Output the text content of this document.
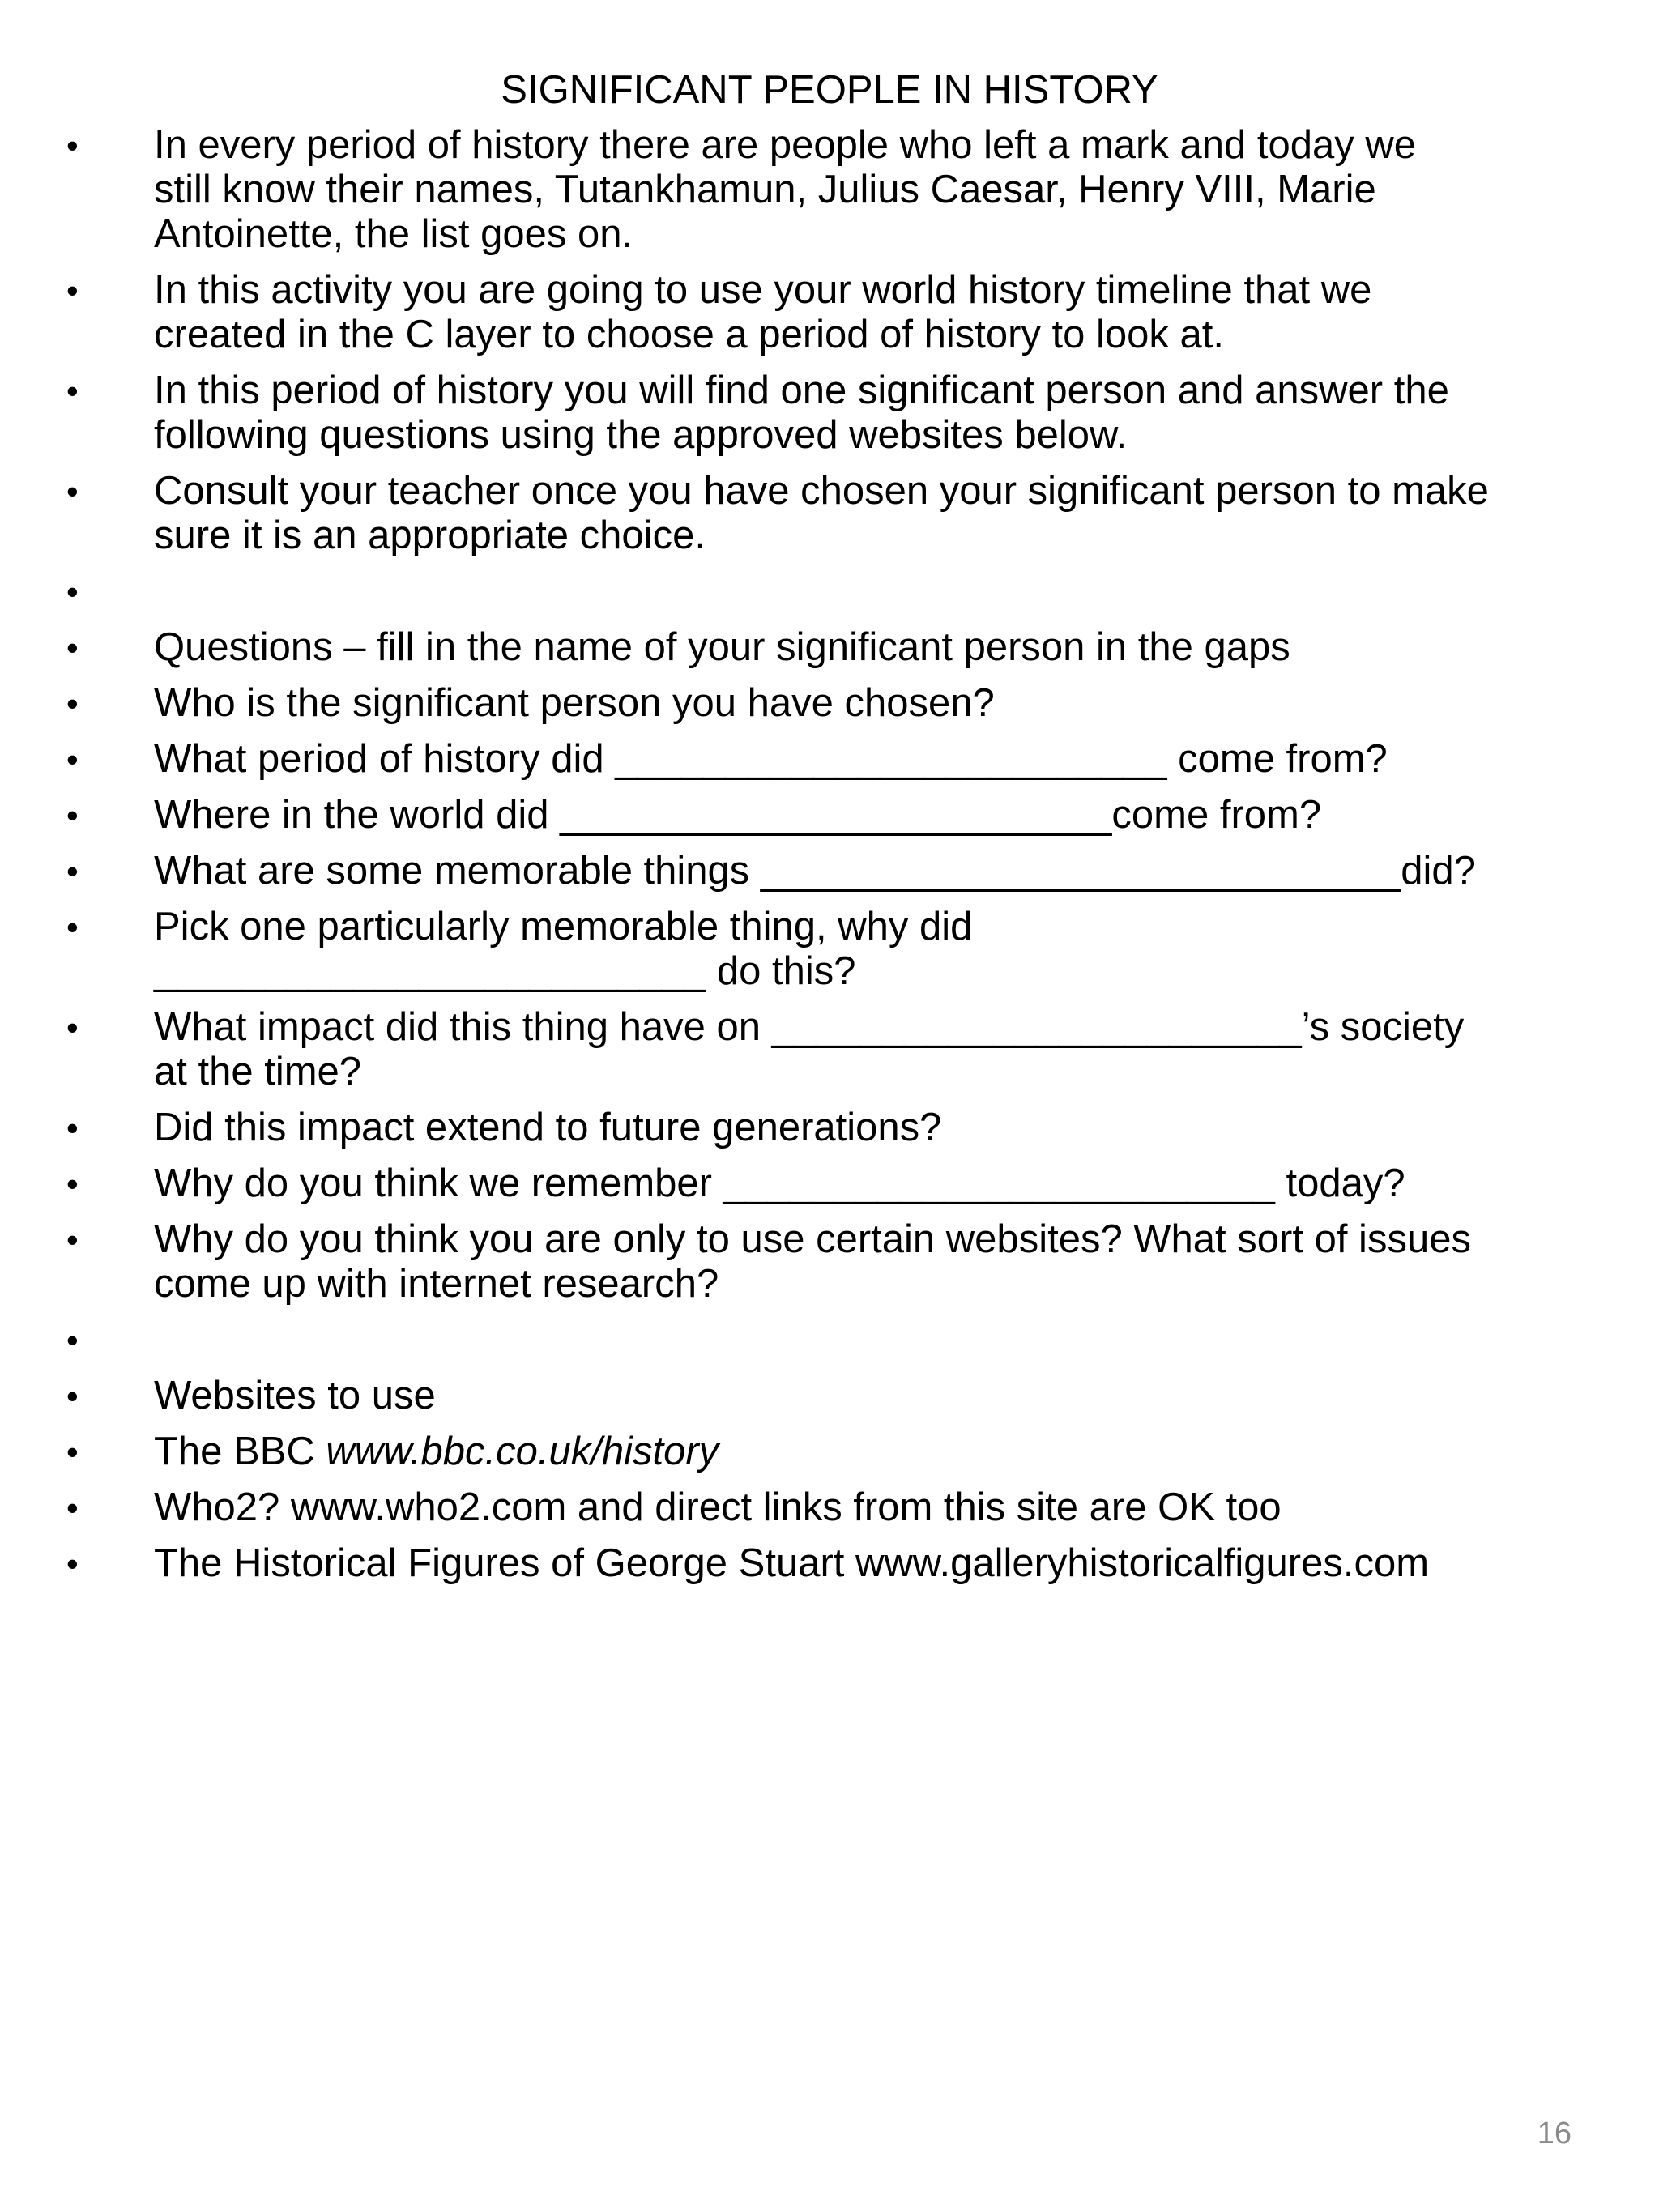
SIGNIFICANT PEOPLE IN HISTORY
•	In every period of history there are people who left a mark and today we
still know their names, Tutankhamun, Julius Caesar, Henry VIII, Marie
Antoinette, the list goes on.
•	In this activity you are going to use your world history timeline that we
created in the C layer to choose a period of history to look at.
•	In this period of history you will find one significant person and answer the
following questions using the approved websites below.
•	Consult your teacher once you have chosen your significant person to make
sure it is an appropriate choice.
•
•	Questions – fill in the name of your significant person in the gaps
•	Who is the significant person you have chosen?
•	What period of history did _________________________ come from?
•	Where in the world did _________________________come from?
•	What are some memorable things _____________________________did?
•	Pick one particularly memorable thing, why did
_________________________ do this?
•	What impact did this thing have on ________________________’s society
at the time?
•	Did this impact extend to future generations?
•	Why do you think we remember _________________________ today?
•	Why do you think you are only to use certain websites? What sort of issues
come up with internet research?
•
•	Websites to use
•	The BBC www.bbc.co.uk/history
•	Who2? www.who2.com and direct links from this site are OK too
•	The Historical Figures of George Stuart www.galleryhistoricalfigures.com
16
